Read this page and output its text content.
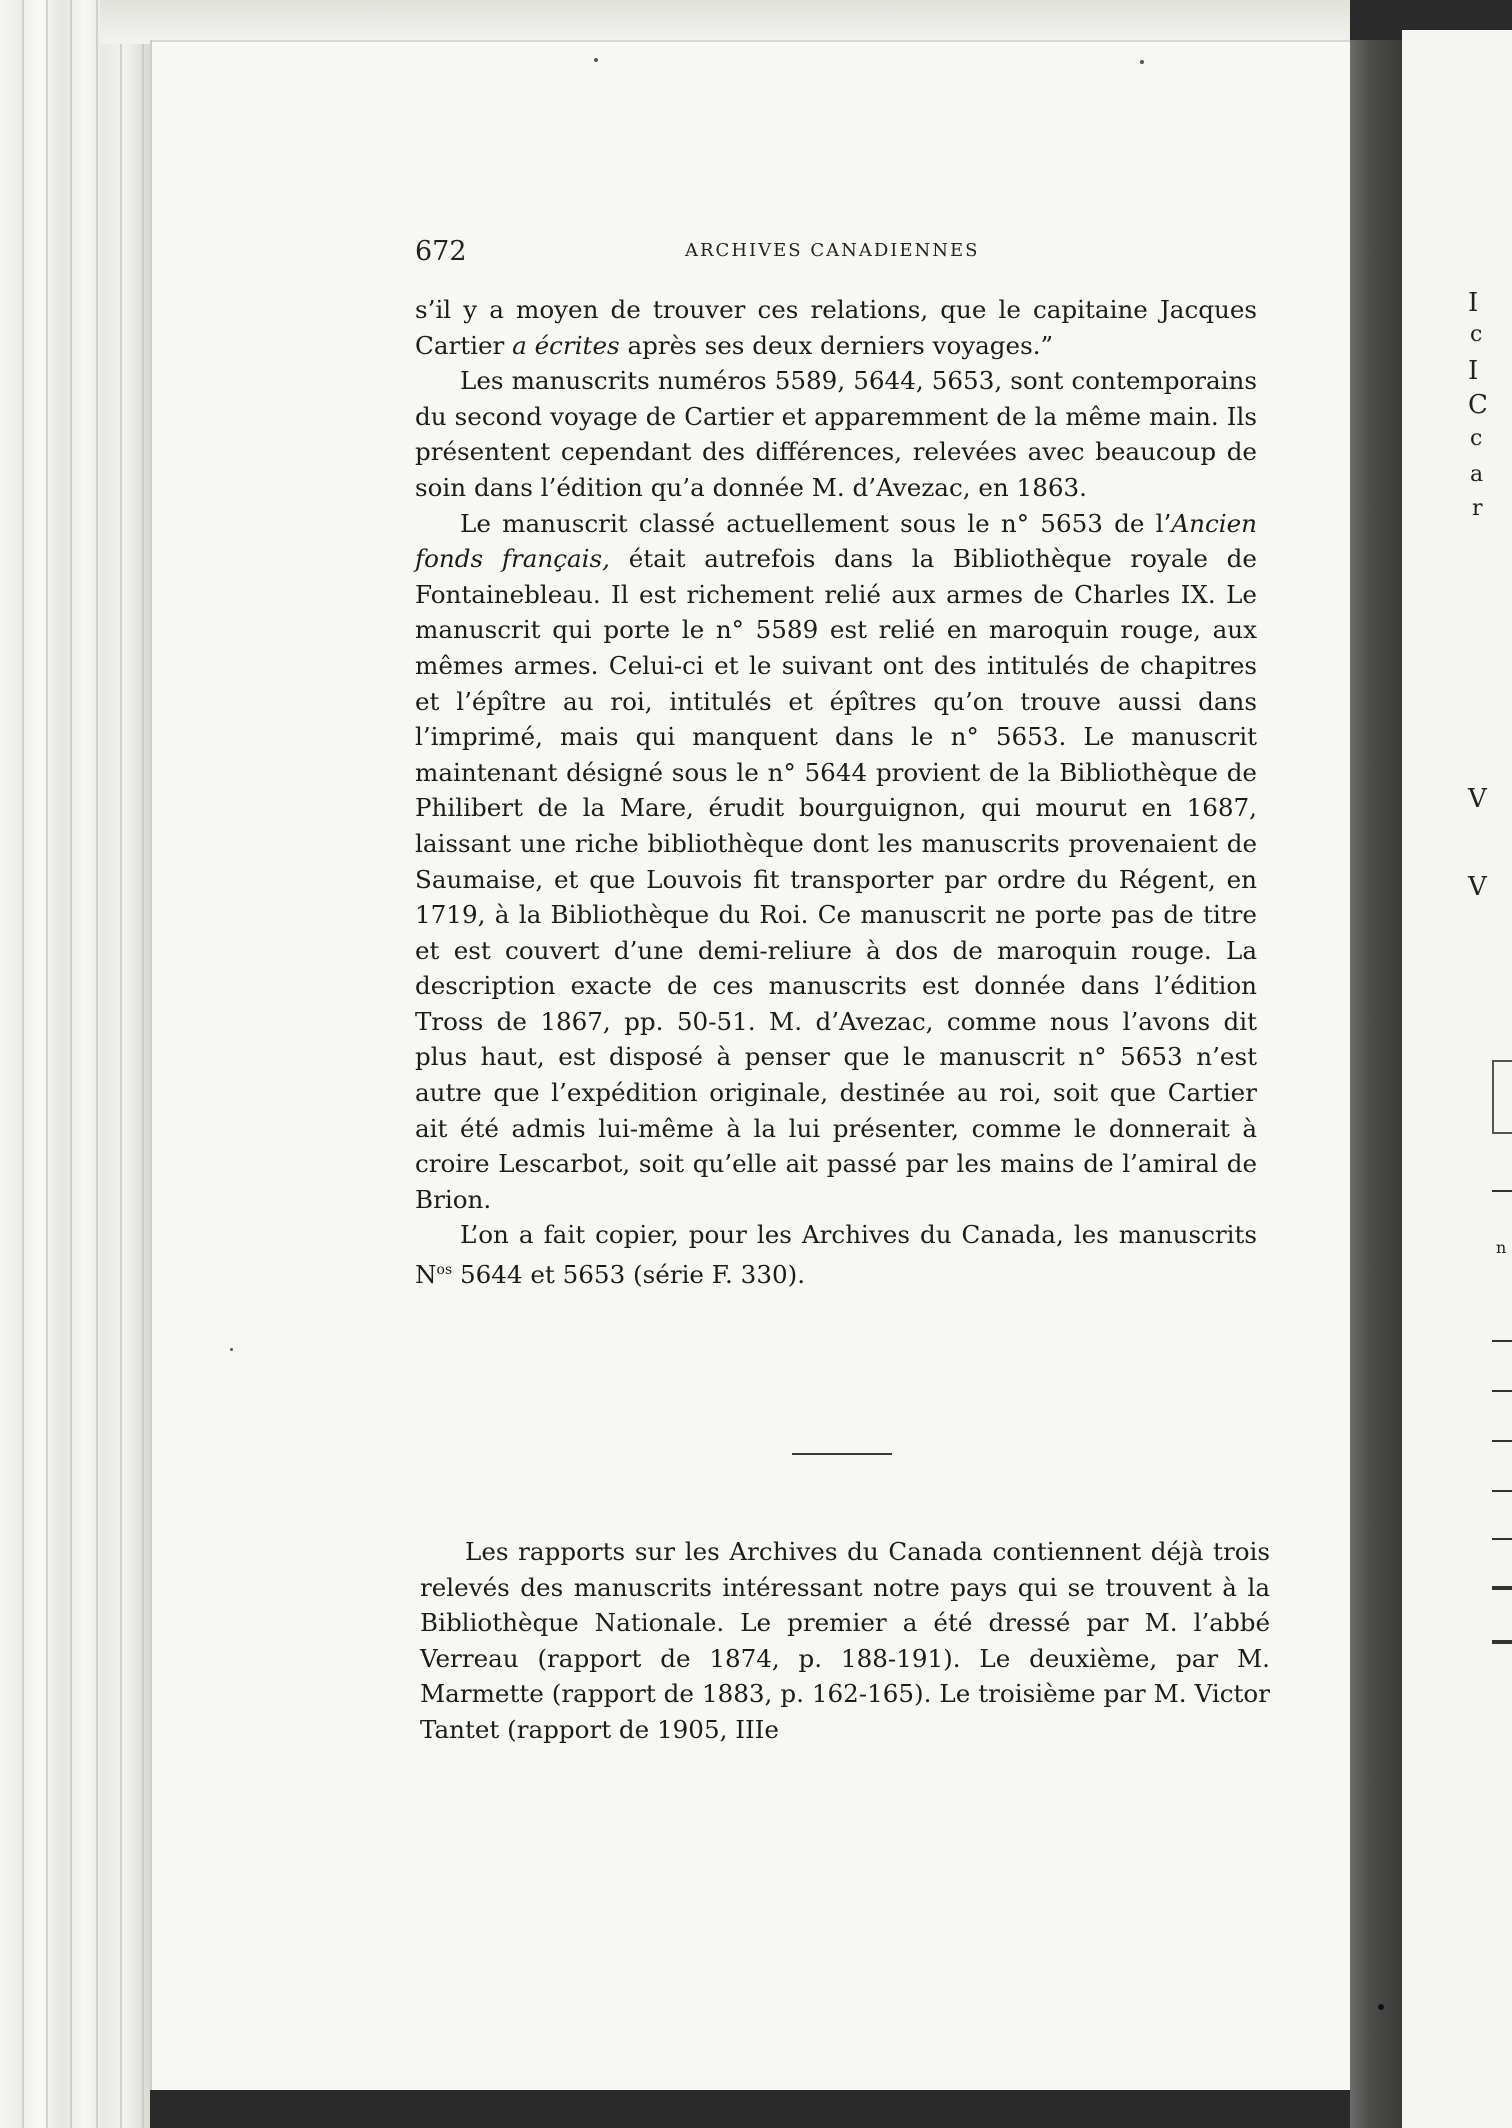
I
c
I
C
c
a
r
V
V
n
672	ARCHIVES CANADIENNES

s’il y a moyen de trouver ces relations, que le capitaine Jacques Cartier a écrites après ses deux derniers voyages.”

Les manuscrits numéros 5589, 5644, 5653, sont contemporains du second voyage de Cartier et apparemment de la même main. Ils présentent cependant des différences, relevées avec beaucoup de soin dans l’édition qu’a donnée M. d’Avezac, en 1863.

Le manuscrit classé actuellement sous le n° 5653 de l’Ancien fonds français, était autrefois dans la Bibliothèque royale de Fontainebleau. Il est richement relié aux armes de Charles IX. Le manuscrit qui porte le n° 5589 est relié en maroquin rouge, aux mêmes armes. Celui-ci et le suivant ont des intitulés de chapitres et l’épître au roi, intitulés et épîtres qu’on trouve aussi dans l’imprimé, mais qui manquent dans le n° 5653. Le manuscrit maintenant désigné sous le n° 5644 provient de la Bibliothèque de Philibert de la Mare, érudit bourguignon, qui mourut en 1687, laissant une riche bibliothèque dont les manuscrits provenaient de Saumaise, et que Louvois fit transporter par ordre du Régent, en 1719, à la Bibliothèque du Roi. Ce manuscrit ne porte pas de titre et est couvert d’une demi-reliure à dos de maroquin rouge. La description exacte de ces manuscrits est donnée dans l’édition Tross de 1867, pp. 50-51. M. d’Avezac, comme nous l’avons dit plus haut, est disposé à penser que le manuscrit n° 5653 n’est autre que l’expédition originale, destinée au roi, soit que Cartier ait été admis lui-même à la lui présenter, comme le donnerait à croire Lescarbot, soit qu’elle ait passé par les mains de l’amiral de Brion.

L’on a fait copier, pour les Archives du Canada, les manuscrits $N^{os}$ 5644 et 5653 (série F. 330).

Les rapports sur les Archives du Canada contiennent déjà trois relevés des manuscrits intéressant notre pays qui se trouvent à la Bibliothèque Nationale. Le premier a été dressé par M. l’abbé Verreau (rapport de 1874, p. 188-191). Le deuxième, par M. Marmette (rapport de 1883, p. 162-165). Le troisième par M. Victor Tantet (rapport de 1905, IIIe
